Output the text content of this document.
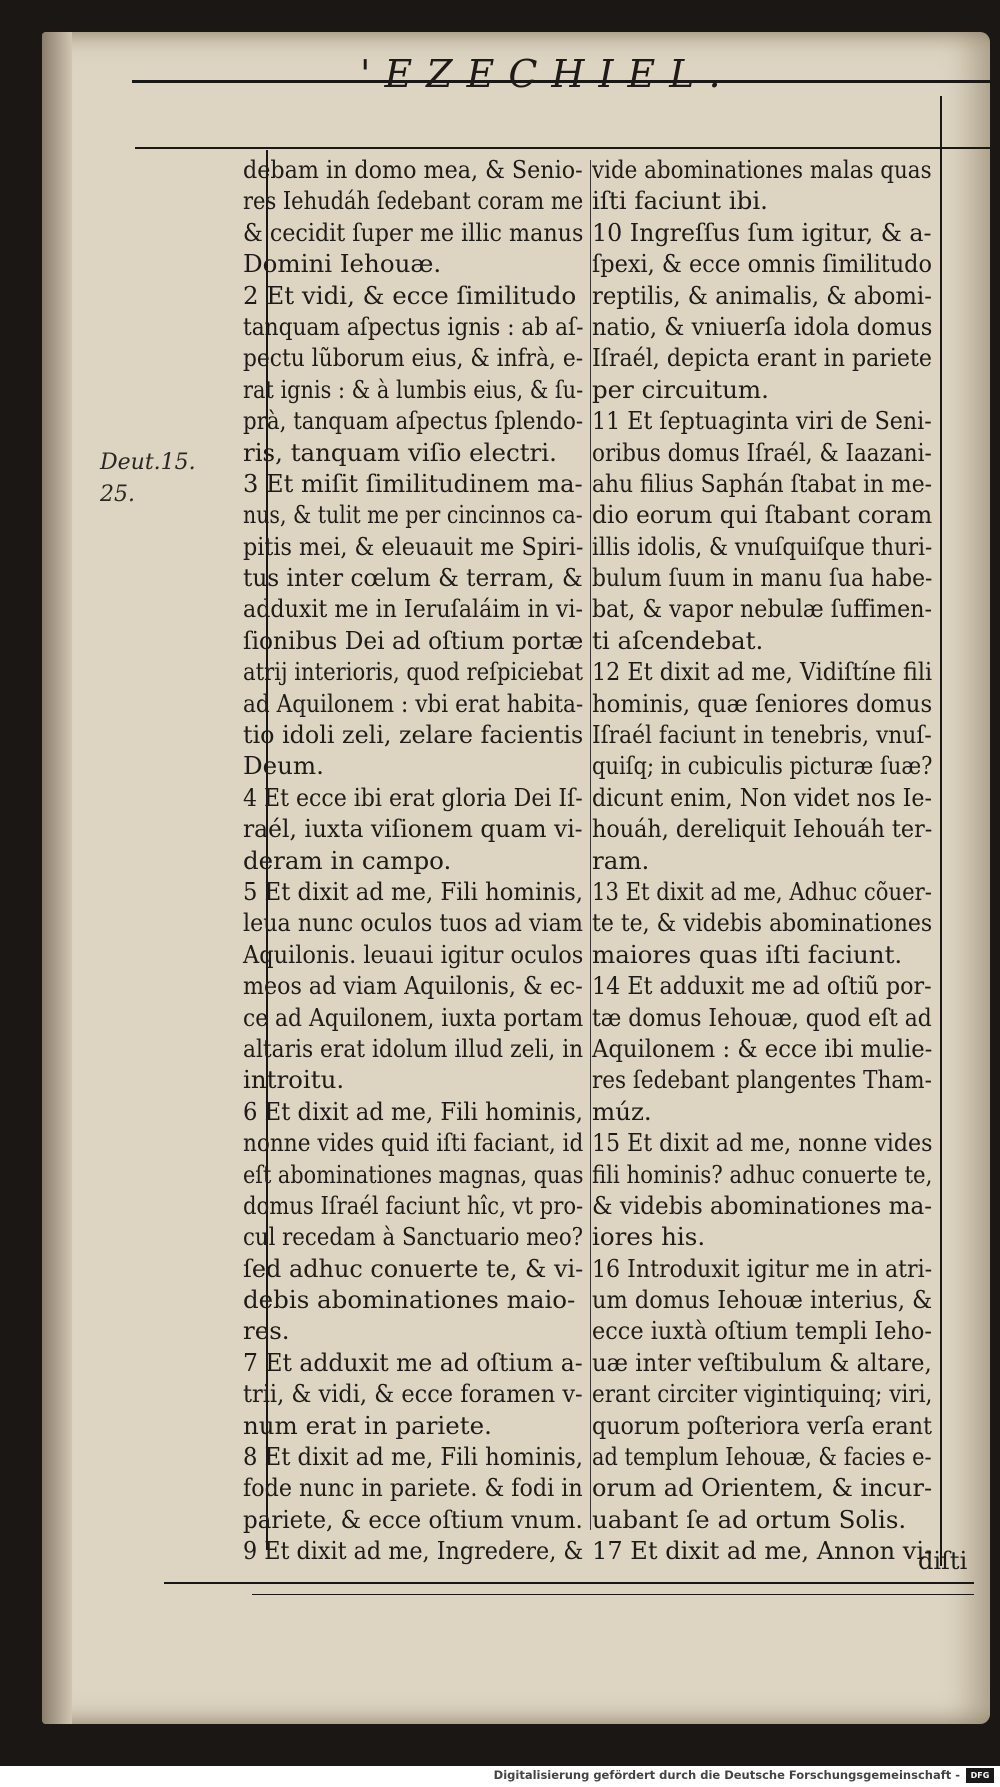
'EZECHIEL.
Deut.15.
25.
debam in domo mea, & Senio-
res Iehudáh ſedebant coram me
& cecidit ſuper me illic manus
Domini Iehouæ.
2 Et vidi, & ecce ſimilitudo
tanquam aſpectus ignis : ab aſ-
pectu lũborum eius, & infrà, e-
rat ignis : & à lumbis eius, & ſu-
prà, tanquam aſpectus ſplendo-
ris, tanquam viſio electri.
3 Et miſit ſimilitudinem ma-
nus, & tulit me per cincinnos ca-
pitis mei, & eleuauit me Spiri-
tus inter cœlum & terram, &
adduxit me in Ieruſaláim in vi-
ſionibus Dei ad oſtium portæ
atrij interioris, quod reſpiciebat
ad Aquilonem : vbi erat habita-
tio idoli zeli, zelare facientis
Deum.
4 Et ecce ibi erat gloria Dei Iſ-
raél, iuxta viſionem quam vi-
deram in campo.
5 Et dixit ad me, Fili hominis,
leua nunc oculos tuos ad viam
Aquilonis. leuaui igitur oculos
meos ad viam Aquilonis, & ec-
ce ad Aquilonem, iuxta portam
altaris erat idolum illud zeli, in
introitu.
6 Et dixit ad me, Fili hominis,
nonne vides quid iſti faciant, id
eſt abominationes magnas, quas
domus Iſraél faciunt hîc, vt pro-
cul recedam à Sanctuario meo?
ſed adhuc conuerte te, & vi-
debis abominationes maio-
res.
7 Et adduxit me ad oſtium a-
trii, & vidi, & ecce foramen v-
num erat in pariete.
8 Et dixit ad me, Fili hominis,
fode nunc in pariete. & fodi in
pariete, & ecce oſtium vnum.
9 Et dixit ad me, Ingredere, &
vide abominationes malas quas
iſti faciunt ibi.
10 Ingreſſus ſum igitur, & a-
ſpexi, & ecce omnis ſimilitudo
reptilis, & animalis, & abomi-
natio, & vniuerſa idola domus
Iſraél, depicta erant in pariete
per circuitum.
11 Et ſeptuaginta viri de Seni-
oribus domus Iſraél, & Iaazani-
ahu filius Saphán ſtabat in me-
dio eorum qui ſtabant coram
illis idolis, & vnuſquiſque thuri-
bulum ſuum in manu ſua habe-
bat, & vapor nebulæ ſuffimen-
ti aſcendebat.
12 Et dixit ad me, Vidiſtíne fili
hominis, quæ ſeniores domus
Iſraél faciunt in tenebris, vnuſ-
quiſq; in cubiculis picturæ ſuæ?
dicunt enim, Non videt nos Ie-
houáh, dereliquit Iehouáh ter-
ram.
13 Et dixit ad me, Adhuc cõuer-
te te, & videbis abominationes
maiores quas iſti faciunt.
14 Et adduxit me ad oſtiũ por-
tæ domus Iehouæ, quod eſt ad
Aquilonem : & ecce ibi mulie-
res ſedebant plangentes Tham-
múz.
15 Et dixit ad me, nonne vides
fili hominis? adhuc conuerte te,
& videbis abominationes ma-
iores his.
16 Introduxit igitur me in atri-
um domus Iehouæ interius, &
ecce iuxtà oſtium templi Ieho-
uæ inter veſtibulum & altare,
erant circiter vigintiquinq; viri,
quorum poſteriora verſa erant
ad templum Iehouæ, & facies e-
orum ad Orientem, & incur-
uabant ſe ad ortum Solis.
17 Et dixit ad me, Annon vi-
diſti
Digitalisierung gefördert durch die Deutsche Forschungsgemeinschaft -	DFG
